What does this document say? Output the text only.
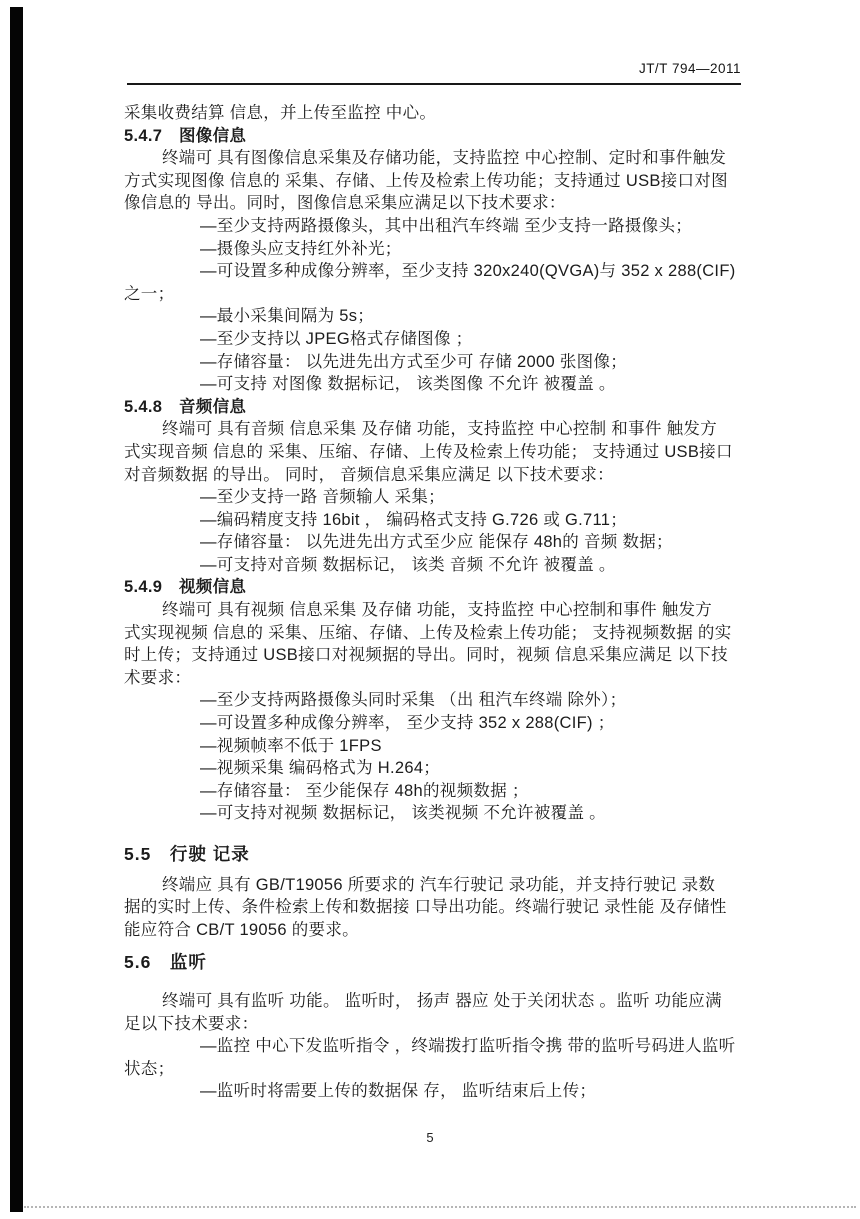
JT/T 794—2011
采集收费结算 信息，并上传至监控 中心。
5.4.7　图像信息
终端可 具有图像信息采集及存储功能，支持监控 中心控制、定时和事件触发
方式实现图像 信息的 采集、存储、上传及检索上传功能；支持通过 USB接口对图
像信息的 导出。同时，图像信息采集应满足以下技术要求：
—至少支持两路摄像头，其中出租汽车终端 至少支持一路摄像头；
—摄像头应支持红外补光；
—可设置多种成像分辨率，至少支持 320x240(QVGA)与 352 x 288(CIF)
之一；
—最小采集间隔为 5s；
—至少支持以 JPEG格式存储图像 ；
—存储容量： 以先进先出方式至少可 存储 2000 张图像；
—可支持 对图像 数据标记， 该类图像 不允许 被覆盖 。
5.4.8　音频信息
终端可 具有音频 信息采集 及存储 功能，支持监控 中心控制 和事件 触发方
式实现音频 信息的 采集、压缩、存储、上传及检索上传功能； 支持通过 USB接口
对音频数据 的导出。 同时， 音频信息采集应满足 以下技术要求：
—至少支持一路 音频输人 采集；
—编码精度支持 16bit ， 编码格式支持 G.726 或 G.711；
—存储容量： 以先进先出方式至少应 能保存 48h的 音频 数据；
—可支持对音频 数据标记， 该类 音频 不允许 被覆盖 。
5.4.9　视频信息
终端可 具有视频 信息采集 及存储 功能，支持监控 中心控制和事件 触发方
式实现视频 信息的 采集、压缩、存储、上传及检索上传功能； 支持视频数据 的实
时上传；支持通过 USB接口对视频据的导出。同时，视频 信息采集应满足 以下技
术要求：
—至少支持两路摄像头同时采集 （出 租汽车终端 除外）；
—可设置多种成像分辨率， 至少支持 352 x 288(CIF) ；
—视频帧率不低于 1FPS
—视频采集 编码格式为 H.264；
—存储容量： 至少能保存 48h的视频数据 ；
—可支持对视频 数据标记， 该类视频 不允许被覆盖 。
5.5　行驶 记录
终端应 具有 GB/T19056 所要求的 汽车行驶记 录功能，并支持行驶记 录数
据的实时上传、条件检索上传和数据接 口导出功能。终端行驶记 录性能 及存储性
能应符合 CB/T 19056 的要求。
5.6　监听
终端可 具有监听 功能。 监听时， 扬声 器应 处于关闭状态 。监听 功能应满
足以下技术要求：
—监控 中心下发监听指令 ，终端拨打监听指令携 带的监听号码进人监听
状态；
—监听时将需要上传的数据保 存， 监听结束后上传；
5
